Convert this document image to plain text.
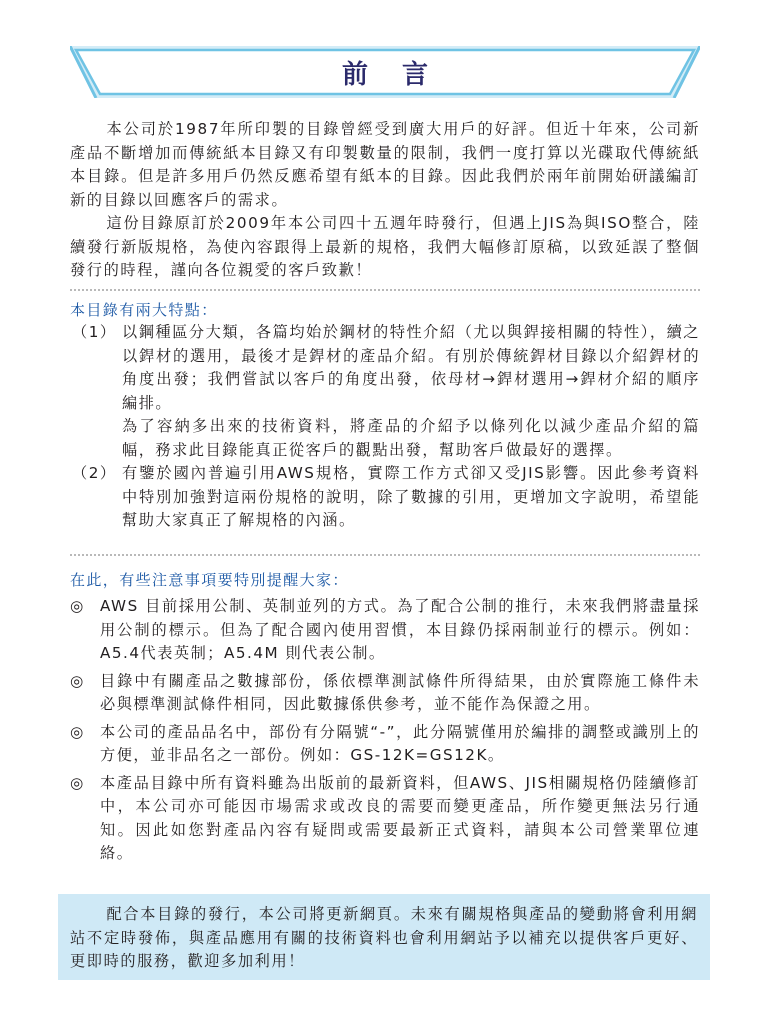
前言

本公司於1987年所印製的目錄曾經受到廣大用戶的好評。但近十年來，公司新產品不斷增加而傳統紙本目錄又有印製數量的限制，我們一度打算以光碟取代傳統紙本目錄。但是許多用戶仍然反應希望有紙本的目錄。因此我們於兩年前開始研議編訂新的目錄以回應客戶的需求。

這份目錄原訂於2009年本公司四十五週年時發行，但遇上JIS為與ISO整合，陸續發行新版規格，為使內容跟得上最新的規格，我們大幅修訂原稿，以致延誤了整個發行的時程，謹向各位親愛的客戶致歉！

本目錄有兩大特點：
（1） 以鋼種區分大類，各篇均始於鋼材的特性介紹（尤以與銲接相關的特性），續之以銲材的選用，最後才是銲材的產品介紹。有別於傳統銲材目錄以介紹銲材的角度出發；我們嘗試以客戶的角度出發，依母材→銲材選用→銲材介紹的順序編排。

為了容納多出來的技術資料，將產品的介紹予以條列化以減少產品介紹的篇幅，務求此目錄能真正從客戶的觀點出發，幫助客戶做最好的選擇。

（2） 有鑒於國內普遍引用AWS規格，實際工作方式卻又受JIS影響。因此參考資料中特別加強對這兩份規格的說明，除了數據的引用，更增加文字說明，希望能幫助大家真正了解規格的內涵。

在此，有些注意事項要特別提醒大家：
◎ AWS 目前採用公制、英制並列的方式。為了配合公制的推行，未來我們將盡量採用公制的標示。但為了配合國內使用習慣，本目錄仍採兩制並行的標示。例如：A5.4代表英制；A5.4M 則代表公制。
◎ 目錄中有關產品之數據部份，係依標準測試條件所得結果，由於實際施工條件未必與標準測試條件相同，因此數據係供參考，並不能作為保證之用。
◎ 本公司的產品品名中，部份有分隔號“-”，此分隔號僅用於編排的調整或識別上的方便，並非品名之一部份。例如：GS-12K=GS12K。
◎ 本產品目錄中所有資料雖為出版前的最新資料，但AWS、JIS相關規格仍陸續修訂中，本公司亦可能因市場需求或改良的需要而變更產品，所作變更無法另行通知。因此如您對產品內容有疑問或需要最新正式資料，請與本公司營業單位連絡。

配合本目錄的發行，本公司將更新網頁。未來有關規格與產品的變動將會利用網站不定時發佈，與產品應用有關的技術資料也會利用網站予以補充以提供客戶更好、更即時的服務，歡迎多加利用！
